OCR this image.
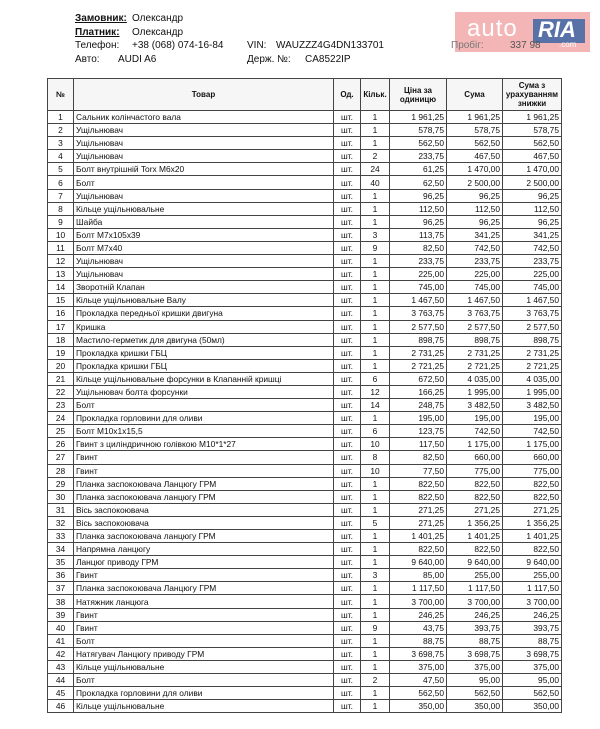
Замовник: Олександр
Платник: Олександр
Телефон: +38 (068) 074-16-84 VIN: WAUZZZ4G4DN133701
Авто: AUDI A6	Держ. №: CA8522IP
auto RIA
.com
Пробіг:	337 98
№	Товар	Од.	Кільк.	Ціна за одиницю	Сума	Сума з урахуванням знижки
1	Сальник колінчастого вала	шт.	1	1 961,25	1 961,25	1 961,25
2	Ущільнювач	шт.	1	578,75	578,75	578,75
3	Ущільнювач	шт.	1	562,50	562,50	562,50
4	Ущільнювач	шт.	2	233,75	467,50	467,50
5	Болт внутрішній Torx M6x20	шт.	24	61,25	1 470,00	1 470,00
6	Болт	шт.	40	62,50	2 500,00	2 500,00
7	Ущільнювач	шт.	1	96,25	96,25	96,25
8	Кільце ущільнювальне	шт.	1	112,50	112,50	112,50
9	Шайба	шт.	1	96,25	96,25	96,25
10	Болт M7x105x39	шт.	3	113,75	341,25	341,25
11	Болт M7x40	шт.	9	82,50	742,50	742,50
12	Ущільнювач	шт.	1	233,75	233,75	233,75
13	Ущільнювач	шт.	1	225,00	225,00	225,00
14	Зворотній Клапан	шт.	1	745,00	745,00	745,00
15	Кільце ущільнювальне Валу	шт.	1	1 467,50	1 467,50	1 467,50
16	Прокладка передньої кришки двигуна	шт.	1	3 763,75	3 763,75	3 763,75
17	Кришка	шт.	1	2 577,50	2 577,50	2 577,50
18	Мастило-герметик для двигуна (50мл)	шт.	1	898,75	898,75	898,75
19	Прокладка кришки ГБЦ	шт.	1	2 731,25	2 731,25	2 731,25
20	Прокладка кришки ГБЦ	шт.	1	2 721,25	2 721,25	2 721,25
21	Кільце ущільнювальне форсунки в Клапанній кришці	шт.	6	672,50	4 035,00	4 035,00
22	Ущільнювач болта форсунки	шт.	12	166,25	1 995,00	1 995,00
23	Болт	шт.	14	248,75	3 482,50	3 482,50
24	Прокладка горловини для оливи	шт.	1	195,00	195,00	195,00
25	Болт M10x1x15,5	шт.	6	123,75	742,50	742,50
26	Гвинт з циліндричною голівкою M10*1*27	шт.	10	117,50	1 175,00	1 175,00
27	Гвинт	шт.	8	82,50	660,00	660,00
28	Гвинт	шт.	10	77,50	775,00	775,00
29	Планка заспокоювача Ланцюгу ГРМ	шт.	1	822,50	822,50	822,50
30	Планка заспокоювача ланцюгу ГРМ	шт.	1	822,50	822,50	822,50
31	Вісь заспокоювача	шт.	1	271,25	271,25	271,25
32	Вісь заспокоювача	шт.	5	271,25	1 356,25	1 356,25
33	Планка заспокоювача ланцюгу ГРМ	шт.	1	1 401,25	1 401,25	1 401,25
34	Напрямна ланцюгу	шт.	1	822,50	822,50	822,50
35	Ланцюг приводу ГРМ	шт.	1	9 640,00	9 640,00	9 640,00
36	Гвинт	шт.	3	85,00	255,00	255,00
37	Планка заспокоювача Ланцюгу ГРМ	шт.	1	1 117,50	1 117,50	1 117,50
38	Натяжник ланцюга	шт.	1	3 700,00	3 700,00	3 700,00
39	Гвинт	шт.	1	246,25	246,25	246,25
40	Гвинт	шт.	9	43,75	393,75	393,75
41	Болт	шт.	1	88,75	88,75	88,75
42	Натягувач Ланцюгу приводу ГРМ	шт.	1	3 698,75	3 698,75	3 698,75
43	Кільце ущільнювальне	шт.	1	375,00	375,00	375,00
44	Болт	шт.	2	47,50	95,00	95,00
45	Прокладка горловини для оливи	шт.	1	562,50	562,50	562,50
46	Кільце ущільнювальне	шт.	1	350,00	350,00	350,00
